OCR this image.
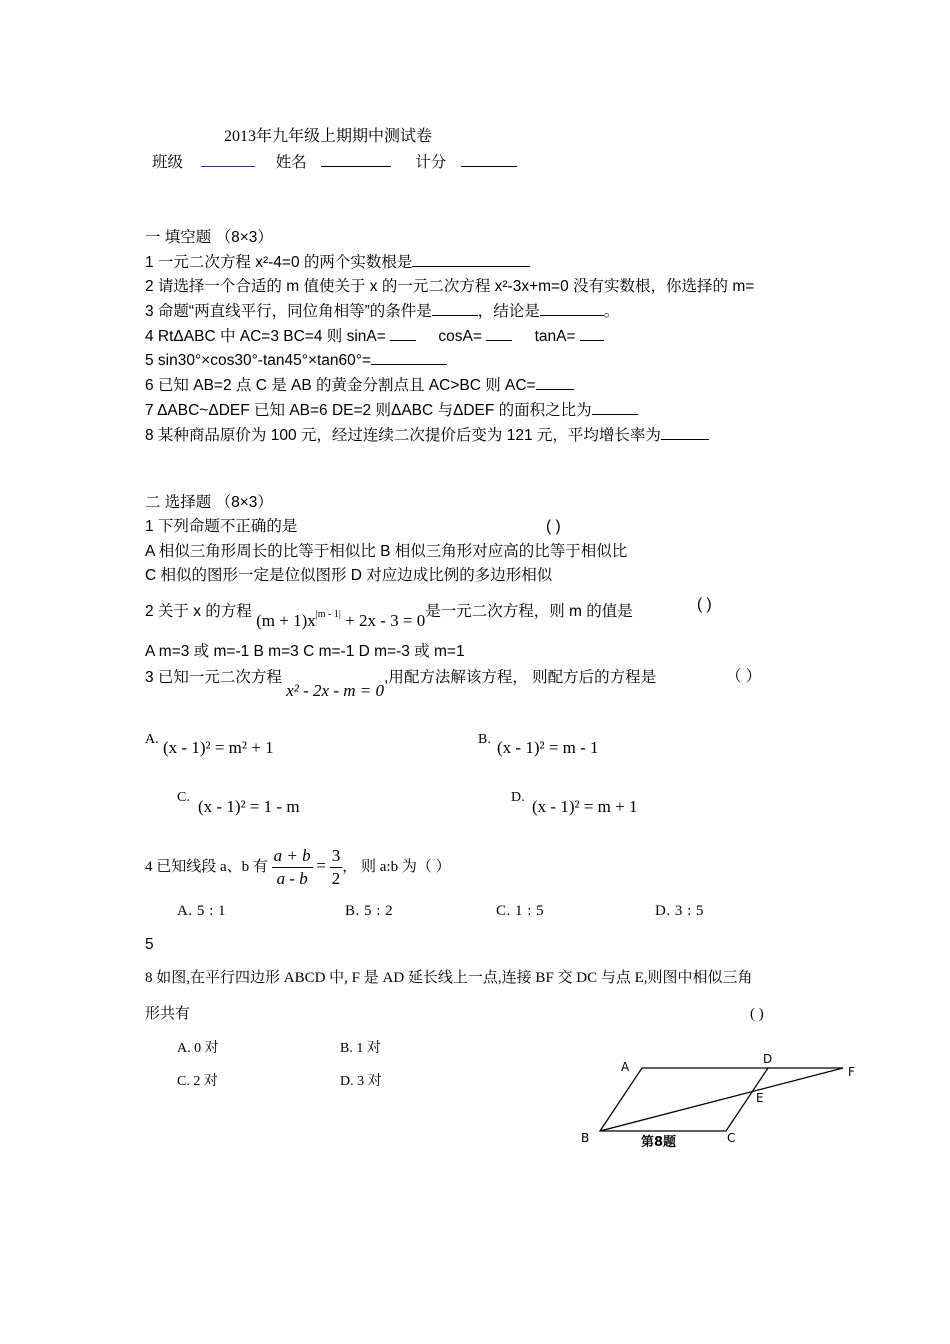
2013年九年级上期期中测试卷
班级	姓名	计分
一 填空题 （8×3）
1 一元二次方程 x²-4=0 的两个实数根是
2 请选择一个合适的 m 值使关于 x 的一元二次方程 x²-3x+m=0 没有实数根，你选择的 m=
3 命题“两直线平行，同位角相等”的条件是	，结论是	。
4 RtΔABC 中 AC=3 BC=4 则 sinA=	cosA=	tanA=
5 sin30°×cos30°-tan45°×tan60°=
6 已知 AB=2 点 C 是 AB 的黄金分割点且 AC>BC 则 AC=
7 ΔABC~ΔDEF 已知 AB=6 DE=2 则ΔABC 与ΔDEF 的面积之比为
8 某种商品原价为 100 元，经过连续二次提价后变为 121 元，平均增长率为
二 选择题 （8×3）
1 下列命题不正确的是	( )
A 相似三角形周长的比等于相似比 B 相似三角形对应高的比等于相似比
C 相似的图形一定是位似图形 D 对应边成比例的多边形相似
2 关于 x 的方程 $(m + 1)x^{|m - 1|} + 2x - 3 = 0$是一元二次方程，则 m 的值是	( )
A m=3 或 m=-1 B m=3 C m=-1 D m=-3 或 m=1
3 已知一元二次方程 x² - 2x - m = 0,用配方法解该方程， 则配方后的方程是	（ ）
A. (x - 1)² = m² + 1	B. (x - 1)² = m - 1
C. (x - 1)² = 1 - m	D. (x - 1)² = m + 1
4 已知线段 a、b 有 $\frac{a + b}{a - b} = \frac{3}{2}$ ， 则 a:b 为（ ）
A. 5 : 1	B. 5 : 2	C. 1 : 5	D. 3 : 5
5
8 如图,在平行四边形 ABCD 中, F 是 AD 延长线上一点,连接 BF 交 DC 与点 E,则图中相似三角
形共有	( )
A. 0 对	B. 1 对
C. 2 对	D. 3 对
A
D
F
E
B	C
第8题
